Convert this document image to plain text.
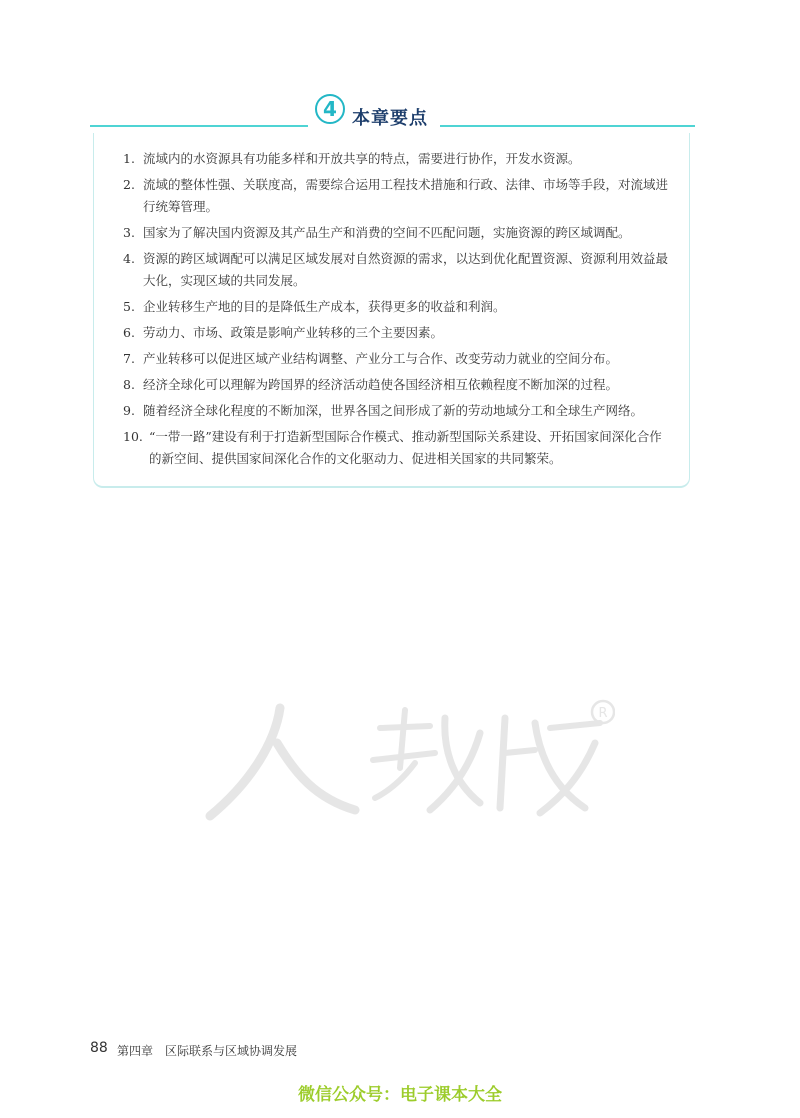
4 本章要点
1. 流域内的水资源具有功能多样和开放共享的特点，需要进行协作，开发水资源。
2. 流域的整体性强、关联度高，需要综合运用工程技术措施和行政、法律、市场等手段，对流域进行统筹管理。
3. 国家为了解决国内资源及其产品生产和消费的空间不匹配问题，实施资源的跨区域调配。
4. 资源的跨区域调配可以满足区域发展对自然资源的需求，以达到优化配置资源、资源利用效益最大化，实现区域的共同发展。
5. 企业转移生产地的目的是降低生产成本，获得更多的收益和利润。
6. 劳动力、市场、政策是影响产业转移的三个主要因素。
7. 产业转移可以促进区域产业结构调整、产业分工与合作、改变劳动力就业的空间分布。
8. 经济全球化可以理解为跨国界的经济活动趋使各国经济相互依赖程度不断加深的过程。
9. 随着经济全球化程度的不断加深，世界各国之间形成了新的劳动地域分工和全球生产网络。
10. “一带一路”建设有利于打造新型国际合作模式、推动新型国际关系建设、开拓国家间深化合作的新空间、提供国家间深化合作的文化驱动力、促进相关国家的共同繁荣。
R
88 第四章　区际联系与区域协调发展
微信公众号：电子课本大全
